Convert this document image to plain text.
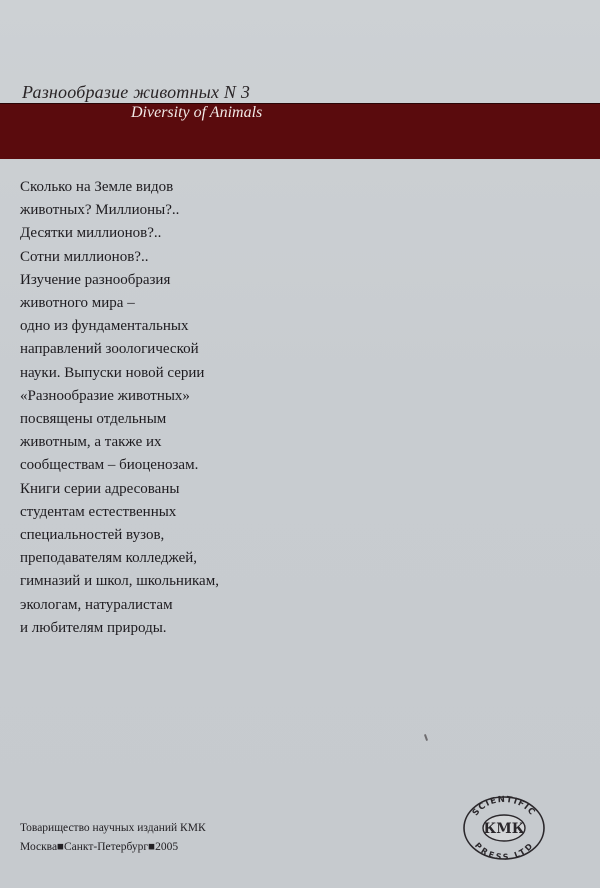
Разнообразие животных N 3
Diversity of Animals
Сколько на Земле видов
животных? Миллионы?..
Десятки миллионов?..
Сотни миллионов?..
Изучение разнообразия
животного мира –
одно из фундаментальных
направлений зоологической
науки. Выпуски новой серии
«Разнообразие животных»
посвящены отдельным
животным, а также их
сообществам – биоценозам.
Книги серии адресованы
студентам естественных
специальностей вузов,
преподавателям колледжей,
гимназий и школ, школьникам,
экологам, натуралистам
и любителям природы.
Товарищество научных изданий КМК
Москва■Санкт-Петербург■2005
SCIENTIFIC
PRESS LTD
КМК
